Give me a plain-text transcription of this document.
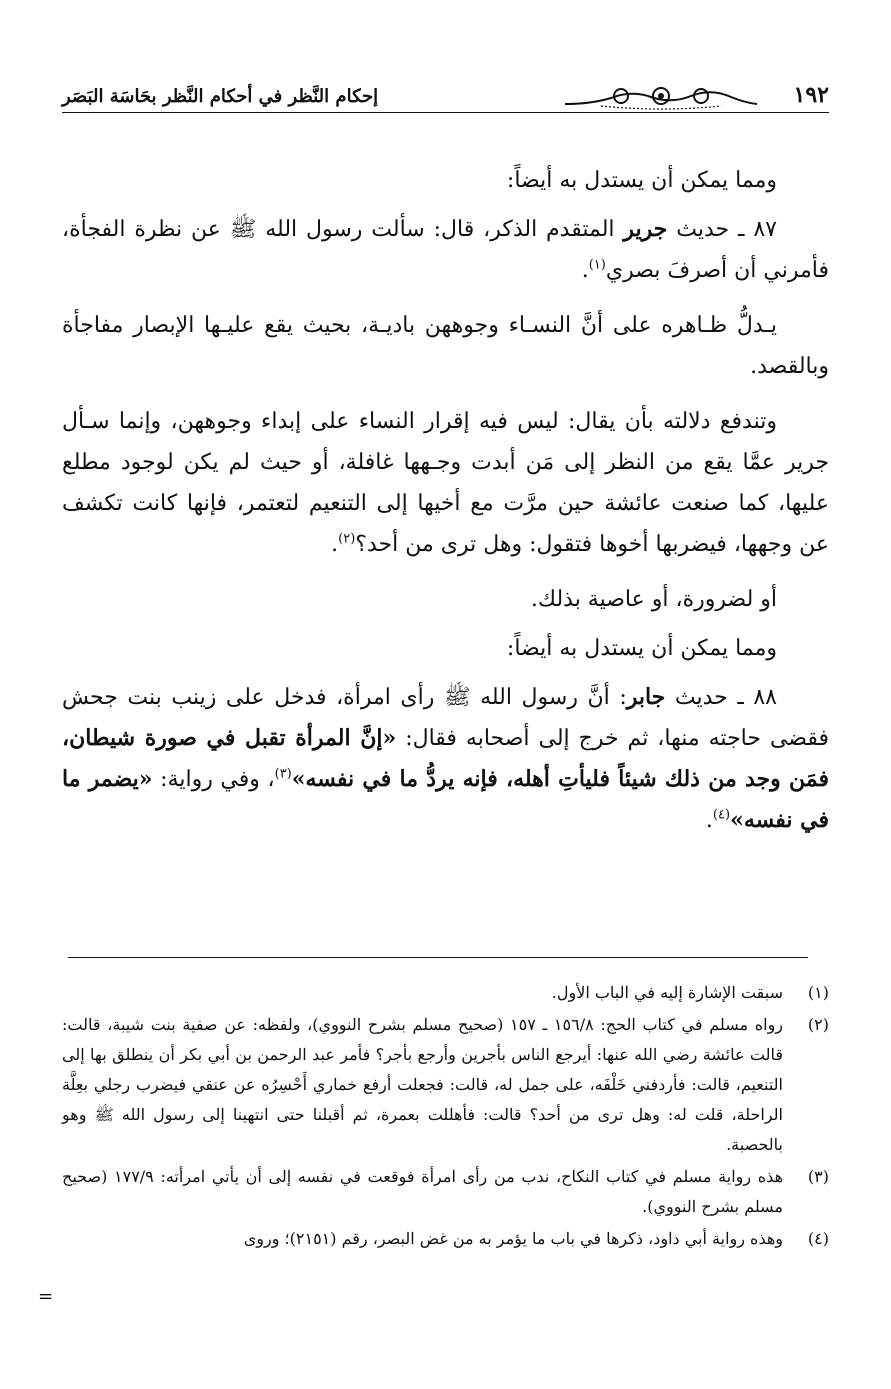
١٩٢
إحكام النَّظر في أحكام النَّظر بحَاسَة البَصَر

ومما يمكن أن يستدل به أيضاً:

٨٧ ـ حديث جرير المتقدم الذكر، قال: سألت رسول الله ﷺ عن نظرة الفجأة، فأمرني أن أصرفَ بصري$^{(١)}$.

يـدلُّ ظـاهره على أنَّ النسـاء وجوههن باديـة، بحيث يقع عليـها الإبصار مفاجأة وبالقصد.

وتندفع دلالته بأن يقال: ليس فيه إقرار النساء على إبداء وجوههن، وإنما سـأل جرير عمَّا يقع من النظر إلى مَن أبدت وجـهها غافلة، أو حيث لم يكن لوجود مطلع عليها، كما صنعت عائشة حين مرَّت مع أخيها إلى التنعيم لتعتمر، فإنها كانت تكشف عن وجهها، فيضربها أخوها فتقول: وهل ترى من أحد؟$^{(٢)}$.

أو لضرورة، أو عاصية بذلك.

ومما يمكن أن يستدل به أيضاً:

٨٨ ـ حديث جابر: أنَّ رسول الله ﷺ رأى امرأة، فدخل على زينب بنت جحش فقضى حاجته منها، ثم خرج إلى أصحابه فقال: «إنَّ المرأة تقبل في صورة شيطان، فمَن وجد من ذلك شيئاً فليأتِ أهله، فإنه يردُّ ما في نفسه»$^{(٣)}$، وفي رواية: «يضمر ما في نفسه»$^{(٤)}$.

(١)
سبقت الإشارة إليه في الباب الأول.
(٢)
رواه مسلم في كتاب الحج: ١٥٦/٨ ـ ١٥٧ (صحيح مسلم بشرح النووي)، ولفظه: عن صفية بنت شيبة، قالت: قالت عائشة رضي الله عنها: أيرجع الناس بأجرين وأرجع بأجر؟ فأمر عبد الرحمن بن أبي بكر أن ينطلق بها إلى التنعيم، قالت: فأردفني خَلْفَه، على جمل له، قالت: فجعلت أرفع خماري أَحْسِرُه عن عنقي فيضرب رجلي بعِلَّة الراحلة، قلت له: وهل ترى من أحد؟ قالت: فأهللت بعمرة، ثم أقبلنا حتى انتهينا إلى رسول الله ﷺ وهو بالحصبة.
(٣)
هذه رواية مسلم في كتاب النكاح، ندب من رأى امرأة فوقعت في نفسه إلى أن يأتي امرأته: ١٧٧/٩ (صحيح مسلم بشرح النووي).
(٤)
وهذه رواية أبي داود، ذكرها في باب ما يؤمر به من غض البصر، رقم (٢١٥١)؛ وروى
=
